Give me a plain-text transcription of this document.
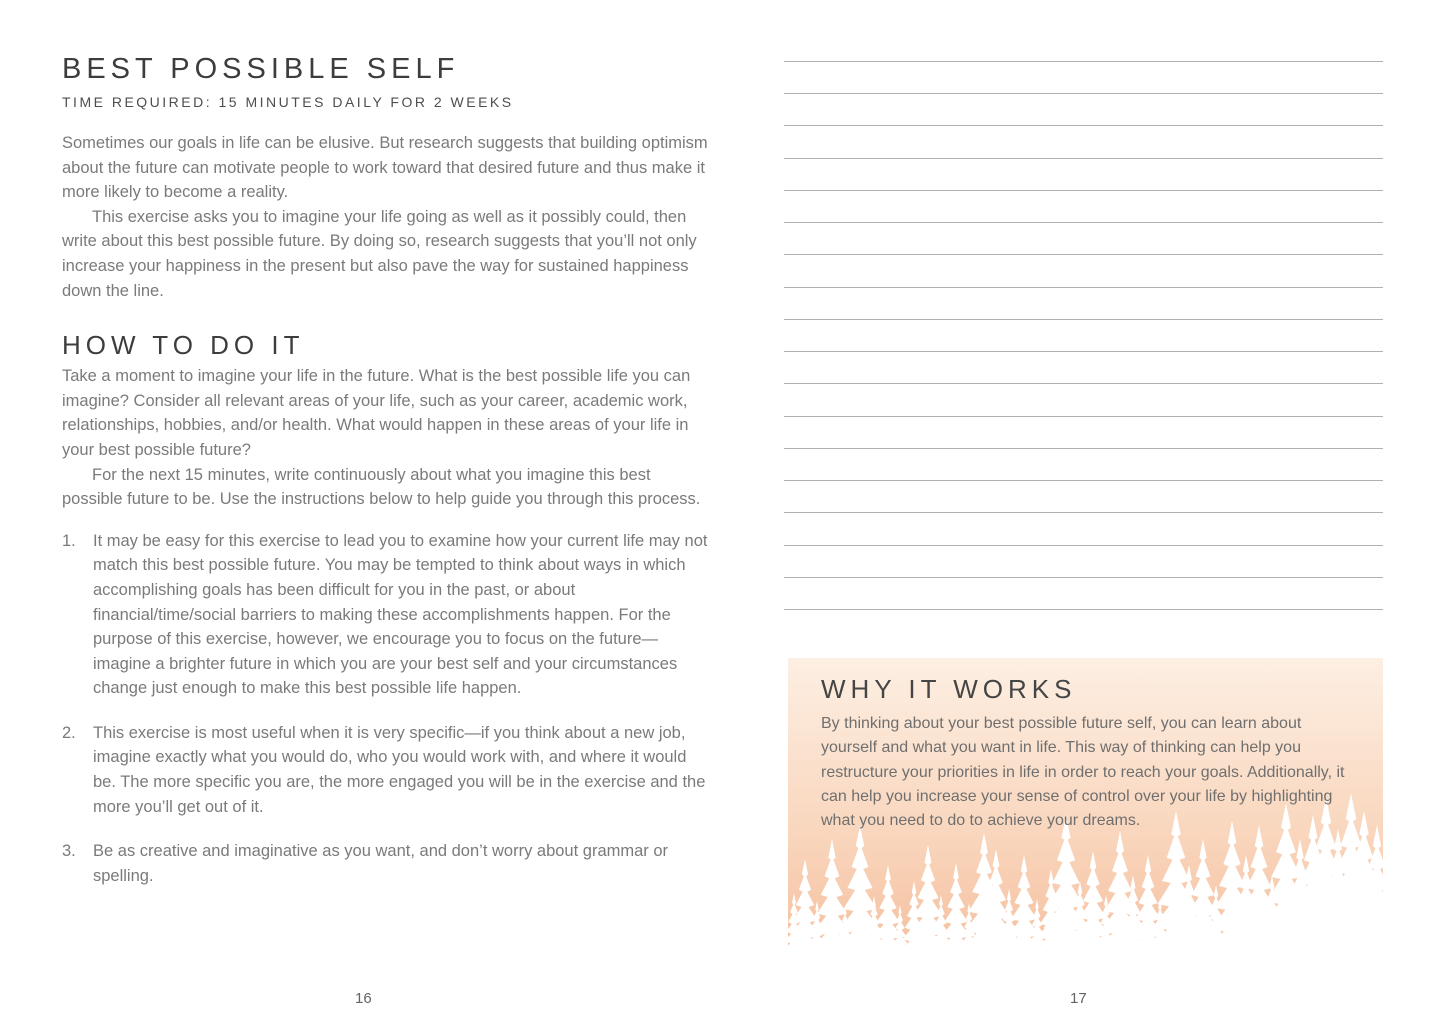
BEST POSSIBLE SELF
TIME REQUIRED: 15 MINUTES DAILY FOR 2 WEEKS

Sometimes our goals in life can be elusive. But research suggests that building optimism about the future can motivate people to work toward that desired future and thus make it more likely to become a reality.

This exercise asks you to imagine your life going as well as it possibly could, then write about this best possible future. By doing so, research suggests that you’ll not only increase your happiness in the present but also pave the way for sustained happiness down the line.

HOW TO DO IT

Take a moment to imagine your life in the future. What is the best possible life you can imagine? Consider all relevant areas of your life, such as your career, academic work, relationships, hobbies, and/or health. What would happen in these areas of your life in your best possible future?

For the next 15 minutes, write continuously about what you imagine this best possible future to be. Use the instructions below to help guide you through this process.

1.	It may be easy for this exercise to lead you to examine how your current life may not match this best possible future. You may be tempted to think about ways in which accomplishing goals has been difficult for you in the past, or about financial/time/social barriers to making these accomplishments happen. For the purpose of this exercise, however, we encourage you to focus on the future—imagine a brighter future in which you are your best self and your circumstances change just enough to make this best possible life happen.
2.	This exercise is most useful when it is very specific—if you think about a new job, imagine exactly what you would do, who you would work with, and where it would be. The more specific you are, the more engaged you will be in the exercise and the more you’ll get out of it.
3.	Be as creative and imaginative as you want, and don’t worry about grammar or spelling.
WHY IT WORKS

By thinking about your best possible future self, you can learn about yourself and what you want in life. This way of thinking can help you restructure your priorities in life in order to reach your goals. Additionally, it can help you increase your sense of control over your life by highlighting what you need to do to achieve your dreams.

16	17
